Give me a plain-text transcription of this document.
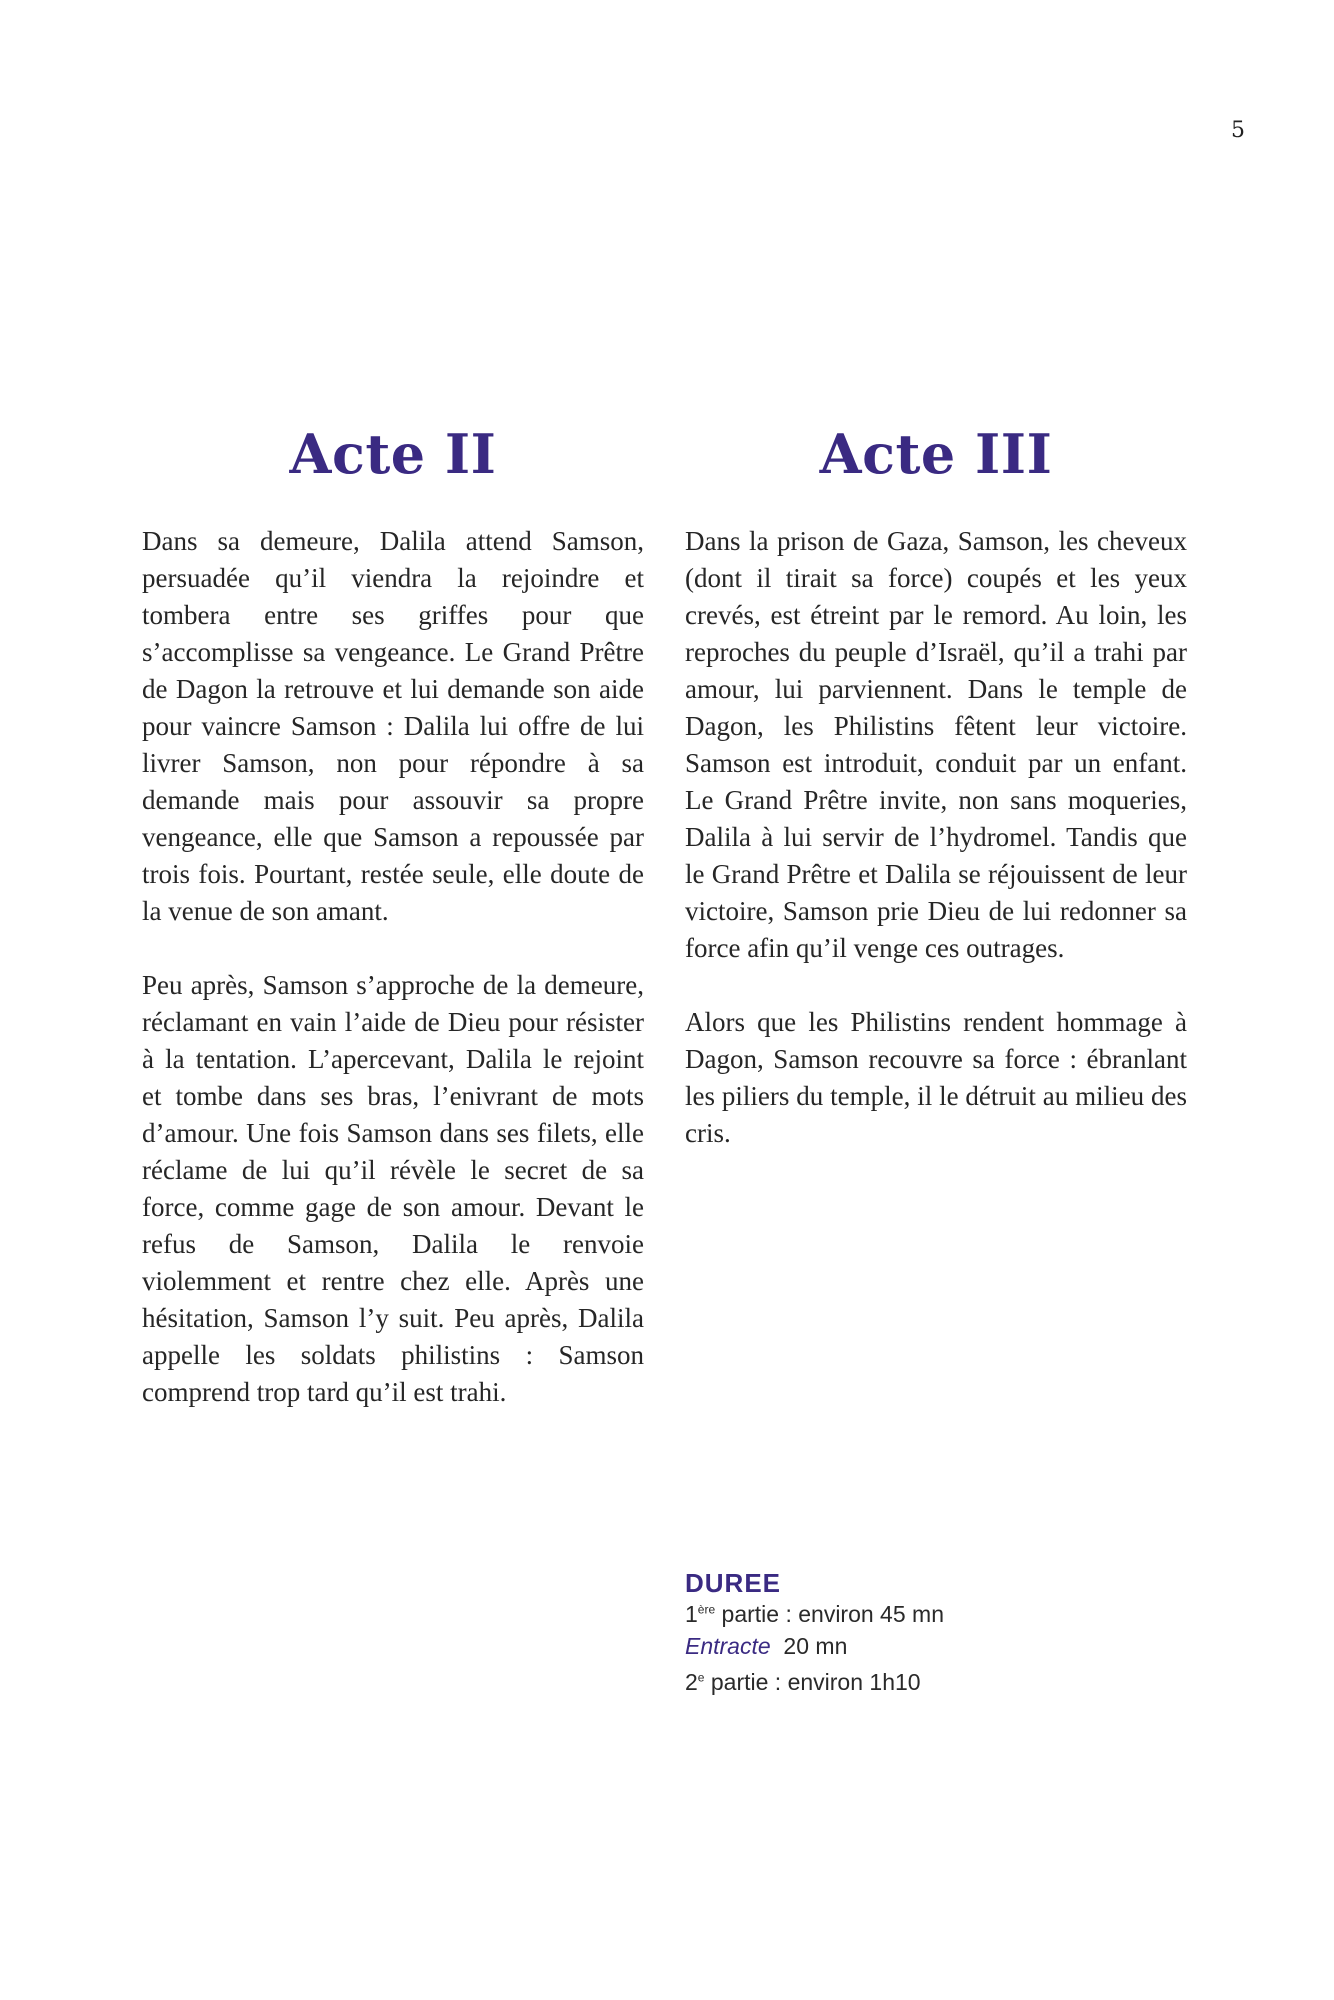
5
Acte II

Dans sa demeure, Dalila attend Samson, persuadée qu’il viendra la rejoindre et tombera entre ses griffes pour que s’accomplisse sa vengeance. Le Grand Prêtre de Dagon la retrouve et lui demande son aide pour vaincre Samson : Dalila lui offre de lui livrer Samson, non pour répondre à sa demande mais pour assouvir sa propre vengeance, elle que Samson a repoussée par trois fois. Pourtant, restée seule, elle doute de la venue de son amant.

Peu après, Samson s’approche de la demeure, réclamant en vain l’aide de Dieu pour résister à la tentation. L’apercevant, Dalila le rejoint et tombe dans ses bras, l’enivrant de mots d’amour. Une fois Samson dans ses filets, elle réclame de lui qu’il révèle le secret de sa force, comme gage de son amour. Devant le refus de Samson, Dalila le renvoie violemment et rentre chez elle. Après une hésitation, Samson l’y suit. Peu après, Dalila appelle les soldats philistins : Samson comprend trop tard qu’il est trahi.

Acte III

Dans la prison de Gaza, Samson, les cheveux (dont il tirait sa force) coupés et les yeux crevés, est étreint par le remord. Au loin, les reproches du peuple d’Israël, qu’il a trahi par amour, lui parviennent. Dans le temple de Dagon, les Philistins fêtent leur victoire. Samson est introduit, conduit par un enfant. Le Grand Prêtre invite, non sans moqueries, Dalila à lui servir de l’hydromel. Tandis que le Grand Prêtre et Dalila se réjouissent de leur victoire, Samson prie Dieu de lui redonner sa force afin qu’il venge ces outrages.

Alors que les Philistins rendent hommage à Dagon, Samson recouvre sa force : ébranlant les piliers du temple, il le détruit au milieu des cris.

DUREE
1ère partie : environ 45 mn
Entracte  20 mn
2e partie : environ 1h10
